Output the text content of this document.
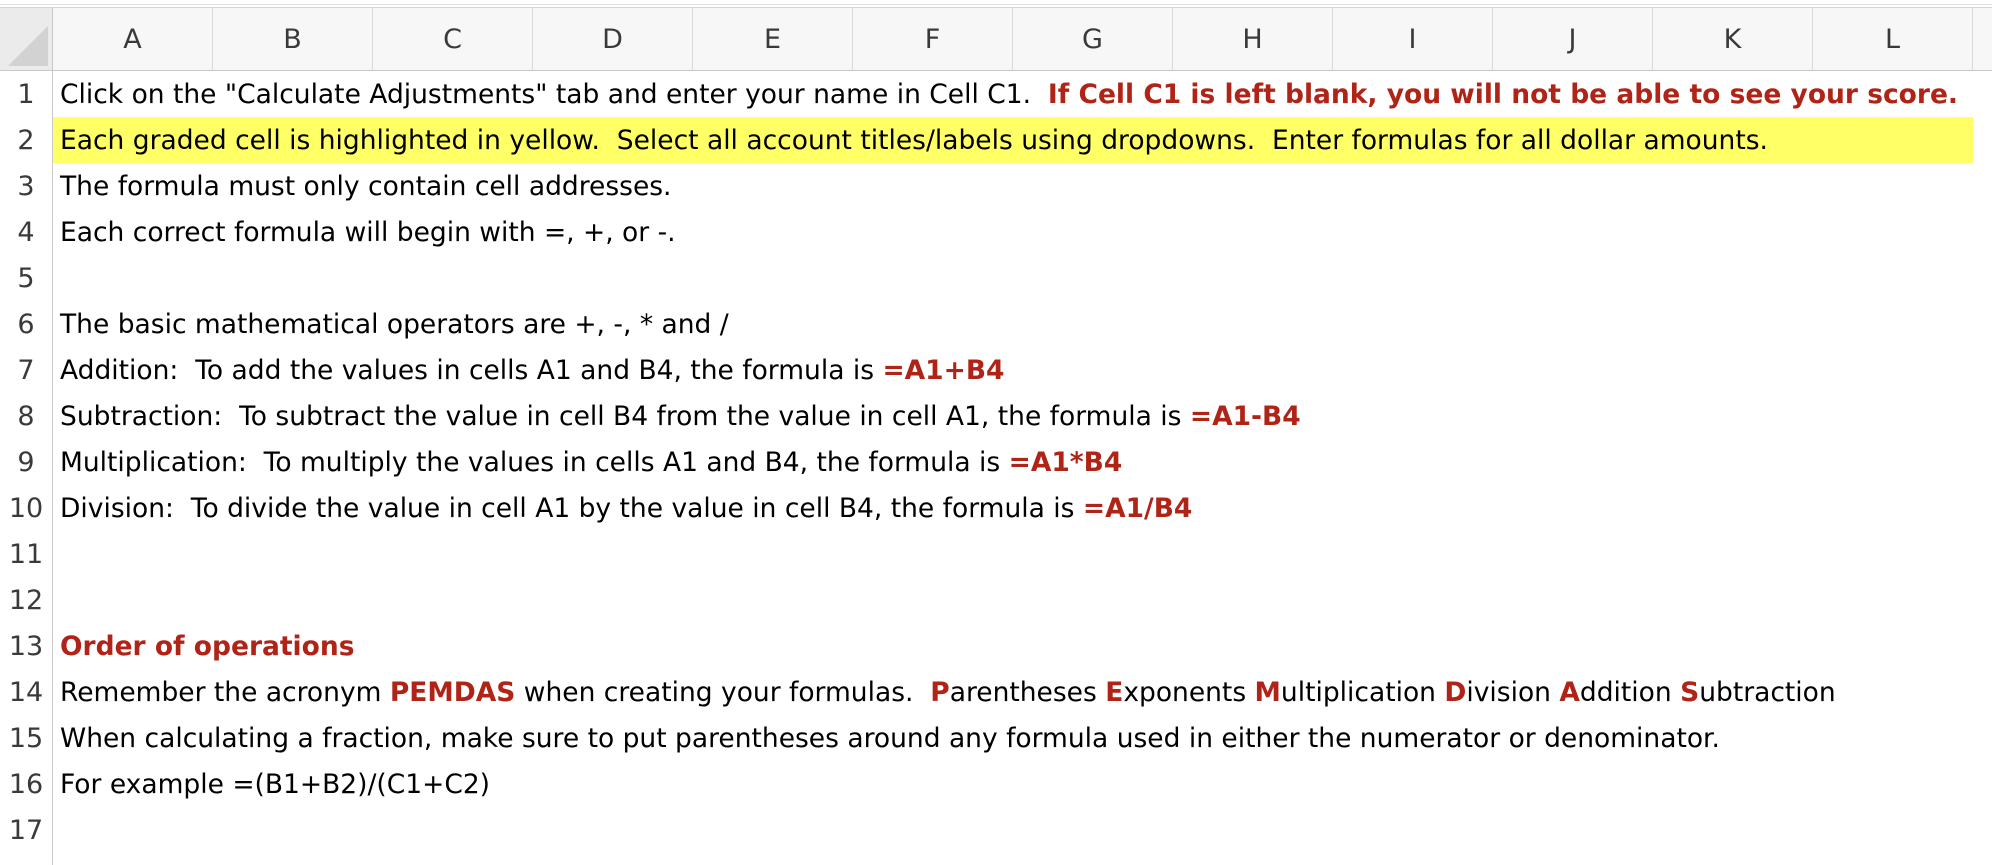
A	B	C	D	E	F	G	H	I	J	K	L
1
2
3
4
5
6
7
8
9
10
11
12
13
14
15
16
17
Click on the "Calculate Adjustments" tab and enter your name in Cell C1. If Cell C1 is left blank, you will not be able to see your score.
Each graded cell is highlighted in yellow.  Select all account titles/labels using dropdowns.  Enter formulas for all dollar amounts.
The formula must only contain cell addresses.
Each correct formula will begin with =, +, or -.
The basic mathematical operators are +, -, * and /
Addition:  To add the values in cells A1 and B4, the formula is =A1+B4
Subtraction:  To subtract the value in cell B4 from the value in cell A1, the formula is =A1-B4
Multiplication:  To multiply the values in cells A1 and B4, the formula is =A1*B4
Division:  To divide the value in cell A1 by the value in cell B4, the formula is =A1/B4
Order of operations
Remember the acronym PEMDAS when creating your formulas. P arentheses E xponents M ultiplication D ivision A ddition S ubtraction
When calculating a fraction, make sure to put parentheses around any formula used in either the numerator or denominator.
For example =(B1+B2)/(C1+C2)
